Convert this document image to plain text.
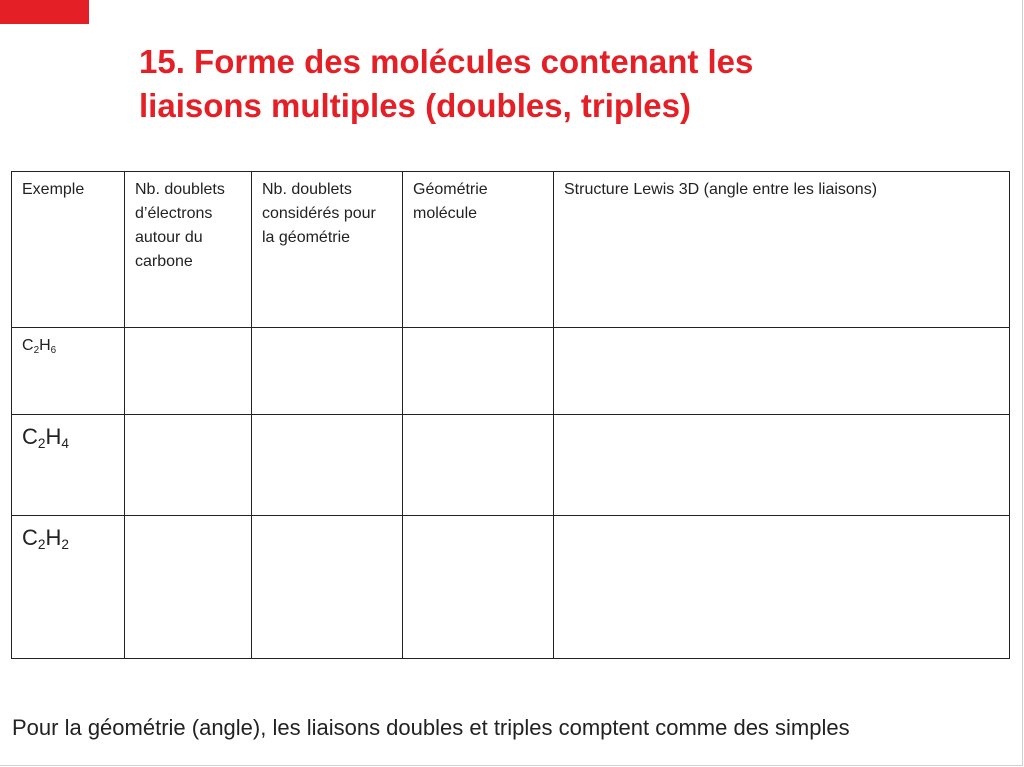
15. Forme des molécules contenant les
liaisons multiples (doubles, triples)
Exemple	Nb. doublets d’électrons autour du carbone	Nb. doublets considérés pour la géométrie	Géométrie molécule	Structure Lewis 3D (angle entre les liaisons)
$C_2H_6$				
$C_2H_4$				
$C_2H_2$				
Pour la géométrie (angle), les liaisons doubles et triples comptent comme des simples
